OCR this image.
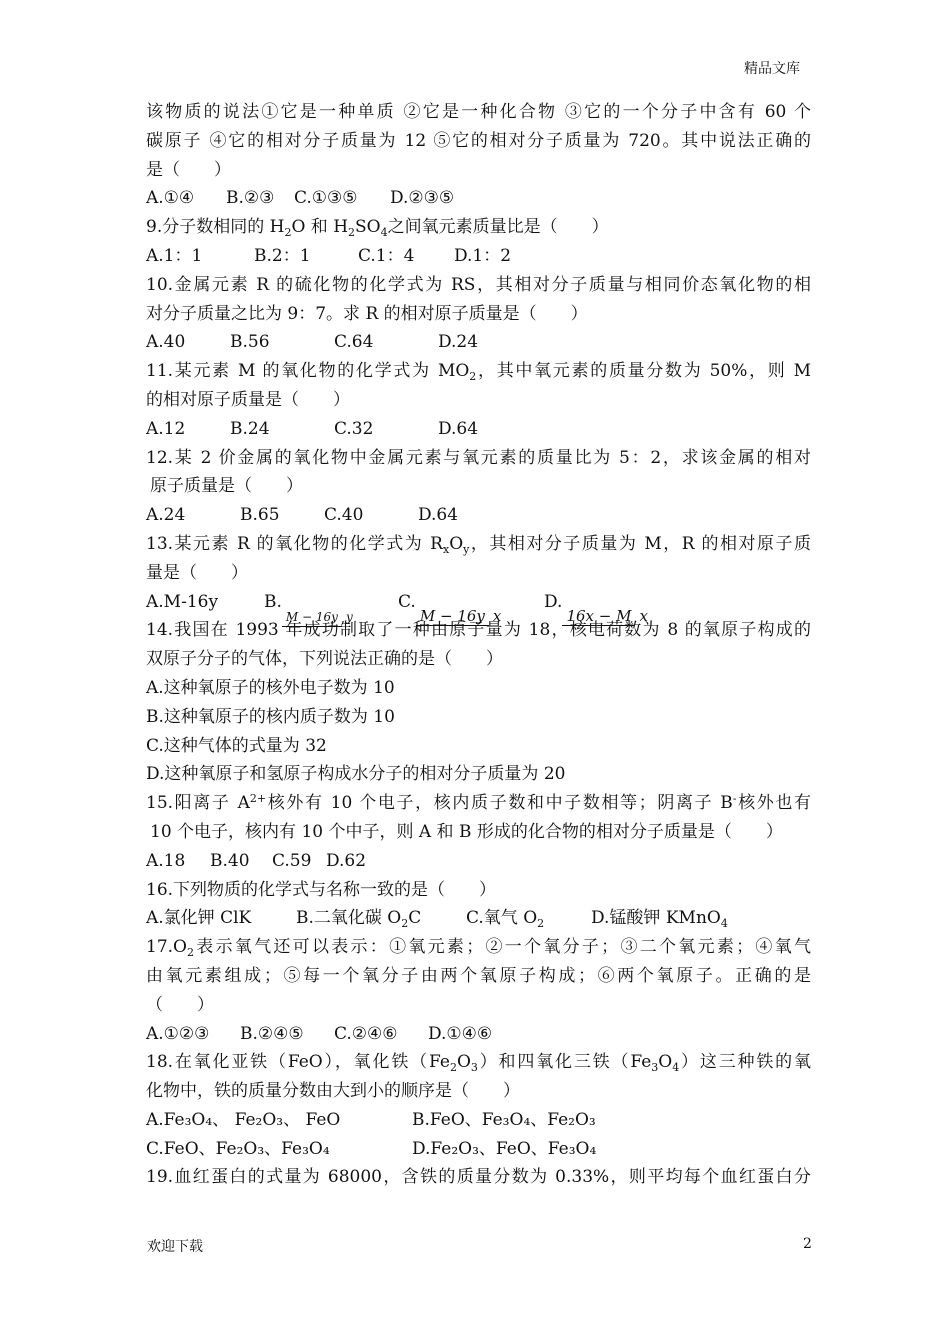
精品文库
该物质的说法①它是一种单质 ②它是一种化合物 ③它的一个分子中含有 60 个
碳原子 ④它的相对分子质量为 12 ⑤它的相对分子质量为 720。其中说法正确的
是（　　）
A.①④ B.②③ C.①③⑤ D.②③⑤
9.分子数相同的 $H_2O$ 和 $H_2SO_4$之间氧元素质量比是（　　）
A.1：1	B.2：1	C.1：4 D.1：2
10.金属元素 R 的硫化物的化学式为 RS，其相对分子质量与相同价态氧化物的相
对分子质量之比为 9：7。求 R 的相对原子质量是（　　）
A.40	B.56	C.64	D.24
11.某元素 M 的氧化物的化学式为 $MO_2$，其中氧元素的质量分数为 50%，则 M
的相对原子质量是（　　）
A.12	B.24	C.32	D.64
12.某 2 价金属的氧化物中金属元素与氧元素的质量比为 5：2，求该金属的相对
原子质量是（　　）
A.24	B.65	C.40	D.64
13.某元素 R 的氧化物的化学式为 $R_xO_y$，其相对分子质量为 M，R 的相对原子质
量是（　　）
A.M-16y	B.M − 16y yC.M − 16y xD.16x − M x
14.我国在 1993 年成功制取了一种由原子量为 18，核电荷数为 8 的氧原子构成的
双原子分子的气体，下列说法正确的是（　　）
A.这种氧原子的核外电子数为 10
B.这种氧原子的核内质子数为 10
C.这种气体的式量为 32
D.这种氧原子和氢原子构成水分子的相对分子质量为 20
15.阳离子 $A^{2+}$核外有 10 个电子，核内质子数和中子数相等；阴离子 B-核外也有
10 个电子，核内有 10 个中子，则 A 和 B 形成的化合物的相对分子质量是（　　）
A.18 B.40 C.59 D.62
16.下列物质的化学式与名称一致的是（　　）
A.氯化钾 ClK	B.二氧化碳 $O_2C$	C.氧气 $O_2$	D.锰酸钾 KMnO$_4$
$17.O_2$表示氧气还可以表示：①氧元素；②一个氧分子；③二个氧元素；④氧气
由氧元素组成；⑤每一个氧分子由两个氧原子构成；⑥两个氧原子。正确的是
（　　）
A.①②③ B.②④⑤ C.②④⑥ D.①④⑥
18.在氧化亚铁（FeO），氧化铁$(Fe_2O_3)$和四氧化三铁$(Fe_3O_4)$这三种铁的氧
化物中，铁的质量分数由大到小的顺序是（　　）
A.Fe₃O₄、 Fe₂O₃、 FeO	B.FeO、Fe₃O₄、Fe₂O₃
C.FeO、Fe₂O₃、Fe₃O₄	D.Fe₂O₃、FeO、Fe₃O₄
19.血红蛋白的式量为 68000，含铁的质量分数为 0.33%，则平均每个血红蛋白分
欢迎下载	2
